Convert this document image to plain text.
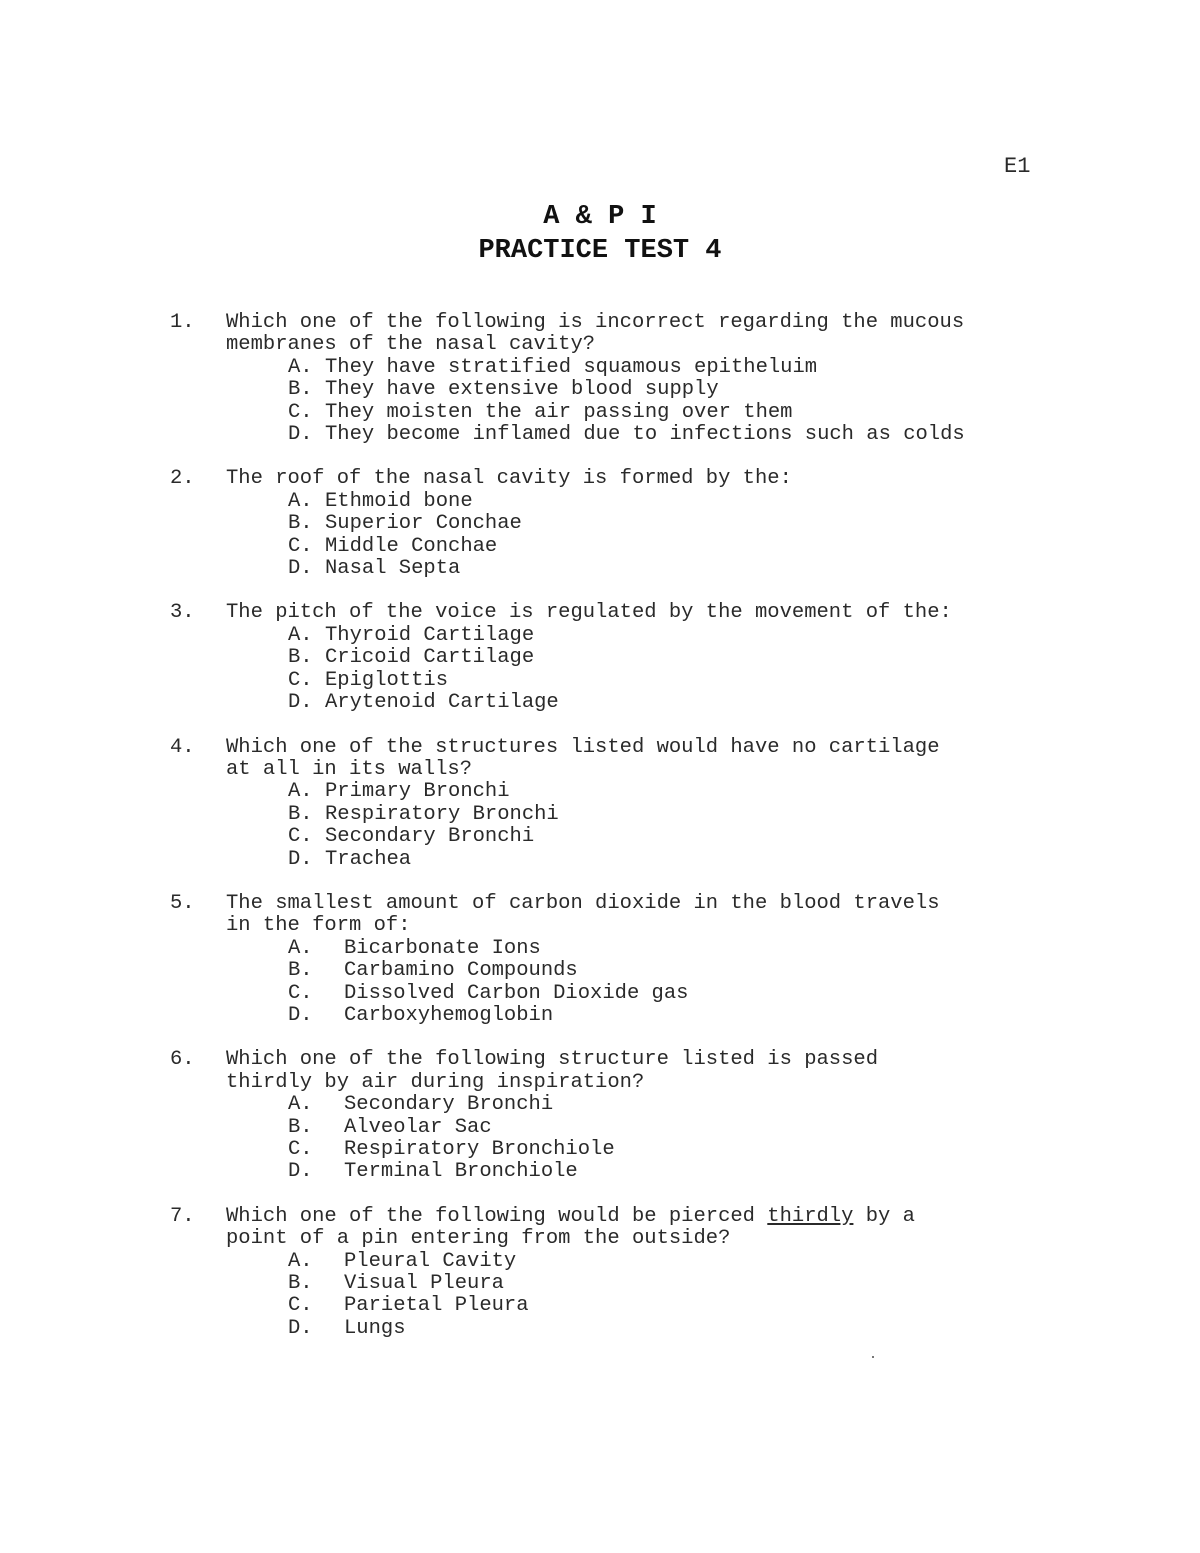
E1
A & P I
PRACTICE TEST 4
1.	Which one of the following is incorrect regarding the mucous
membranes of the nasal cavity?
A. They have stratified squamous epitheluim
B. They have extensive blood supply
C. They moisten the air passing over them
D. They become inflamed due to infections such as colds
2.	The roof of the nasal cavity is formed by the:
A. Ethmoid bone
B. Superior Conchae
C. Middle Conchae
D. Nasal Septa
3.	The pitch of the voice is regulated by the movement of the:
A. Thyroid Cartilage
B. Cricoid Cartilage
C. Epiglottis
D. Arytenoid Cartilage
4.	Which one of the structures listed would have no cartilage
at all in its walls?
A. Primary Bronchi
B. Respiratory Bronchi
C. Secondary Bronchi
D. Trachea
5.	The smallest amount of carbon dioxide in the blood travels
in the form of:
A.	Bicarbonate Ions
B.	Carbamino Compounds
C.	Dissolved Carbon Dioxide gas
D.	Carboxyhemoglobin
6.	Which one of the following structure listed is passed
thirdly by air during inspiration?
A.	Secondary Bronchi
B.	Alveolar Sac
C.	Respiratory Bronchiole
D.	Terminal Bronchiole
7.	Which one of the following would be pierced thirdly by a
point of a pin entering from the outside?
A.	Pleural Cavity
B.	Visual Pleura
C.	Parietal Pleura
D.	Lungs
